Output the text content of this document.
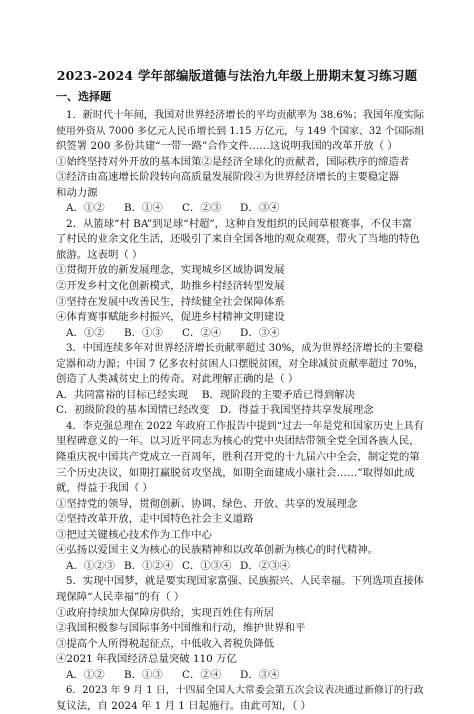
2023-2024 学年部编版道德与法治九年级上册期末复习练习题
一、选择题
1．新时代十年间，我国对世界经济增长的平均贡献率为 38.6%；我国年度实际
使用外资从 7000 多亿元人民币增长到 1.15 万亿元，与 149 个国家、32 个国际组
织签署 200 多份共建“一带一路”合作文件……这说明我国的改革开放（ ）
①始终坚持对外开放的基本国策②是经济全球化的贡献者，国际秩序的缔造者
③经济由高速增长阶段转向高质量发展阶段④为世界经济增长的主要稳定器
和动力源
A．①②	B．①④	C．②③	D．③④
2．从篮球“村 BA”到足球“村超”，这种自发组织的民间草根赛事，不仅丰富
了村民的业余文化生活，还吸引了来自全国各地的观众观赛，带火了当地的特色
旅游。这表明（ ）
①贯彻开放的新发展理念，实现城乡区域协调发展
②开发乡村文化创新模式，助推乡村经济转型发展
③坚持在发展中改善民生，持续健全社会保障体系
④体育赛事赋能乡村振兴，促进乡村精神文明建设
A．①②	B．①③	C．②④	D．③④
3．中国连续多年对世界经济增长贡献率超过 30%，成为世界经济增长的主要稳
定器和动力源；中国 7 亿多农村贫困人口摆脱贫困，对全球减贫贡献率超过 70%，
创造了人类减贫史上的传奇。对此理解正确的是（ ）
A．共同富裕的目标已经实现　 B．现阶段的主要矛盾已得到解决
C．初级阶段的基本国情已经改变　D．得益于我国坚持共享发展理念
4．李克强总理在 2022 年政府工作报告中提到“过去一年是党和国家历史上具有
里程碑意义的一年。以习近平同志为核心的党中央团结带领全党全国各族人民，
隆重庆祝中国共产党成立一百周年，胜利召开党的十九届六中全会，制定党的第
三个历史决议，如期打赢脱贫攻坚战，如期全面建成小康社会……”取得如此成
就，得益于我国（ ）
①坚持党的领导，贯彻创新、协调、绿色、开放、共享的发展理念
②坚持改革开放，走中国特色社会主义道路
③把过关键核心技术作为工作中心
④弘扬以爱国主义为核心的民族精神和以改革创新为核心的时代精神。
A．①②③ B．①②④ C．①③④ D．②③④
5．实现中国梦，就是要实现国家富强、民族振兴、人民幸福。下列选项直接体
现保障“人民幸福”的有（ ）
①政府持续加大保障房供给，实现百姓住有所居
②我国积极参与国际事务中国维和行动，维护世界和平
③提高个人所得税起征点，中低收入者税负降低
④2021 年我国经济总量突破 110 万亿
A．①②	B．①③	C．②④	D．③④
6．2023 年 9 月 1 日，十四届全国人大常委会第五次会议表决通过新修订的行政
复议法，自 2024 年 1 月 1 日起施行。由此可知，（ ）
